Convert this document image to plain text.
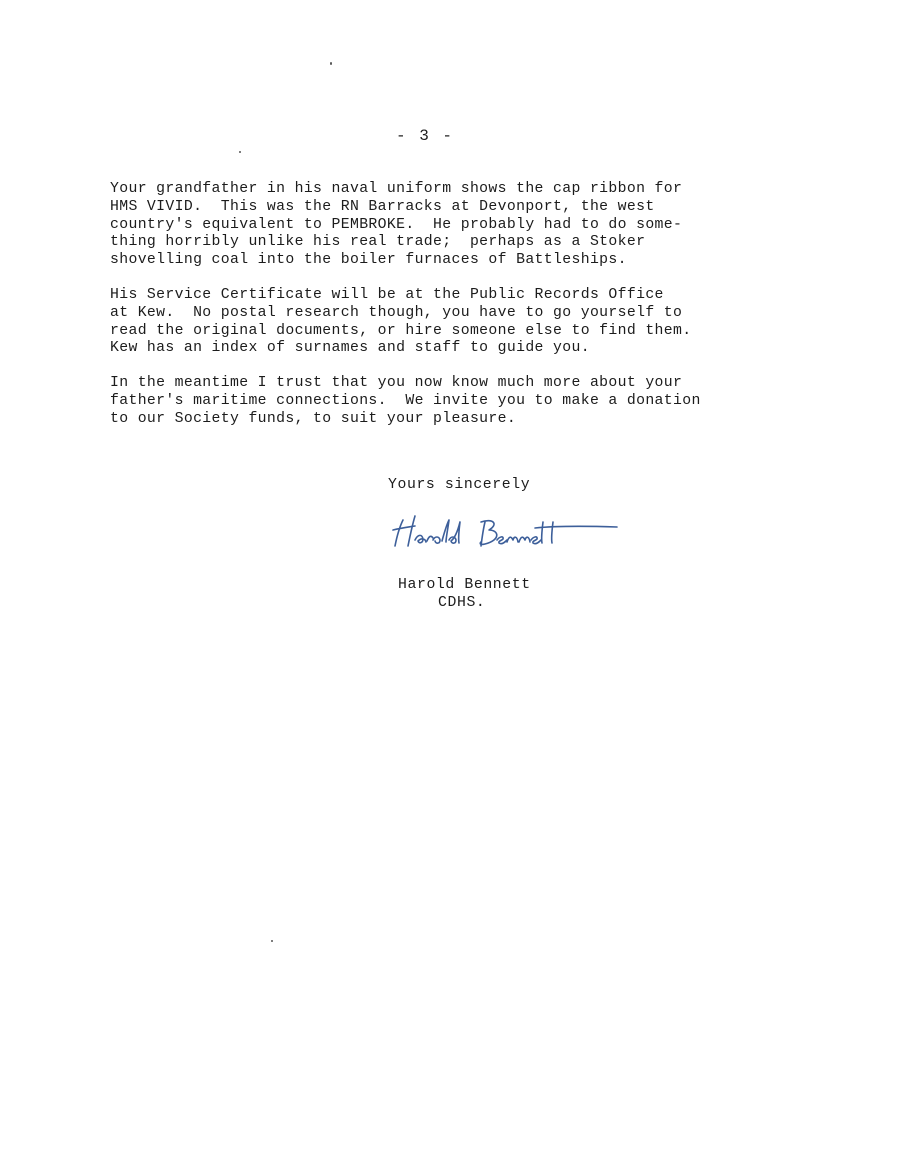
- 3 -
Your grandfather in his naval uniform shows the cap ribbon for
HMS VIVID.  This was the RN Barracks at Devonport, the west
country's equivalent to PEMBROKE.  He probably had to do some-
thing horribly unlike his real trade;  perhaps as a Stoker
shovelling coal into the boiler furnaces of Battleships.
His Service Certificate will be at the Public Records Office
at Kew.  No postal research though, you have to go yourself to
read the original documents, or hire someone else to find them.
Kew has an index of surnames and staff to guide you.
In the meantime I trust that you now know much more about your
father's maritime connections.  We invite you to make a donation
to our Society funds, to suit your pleasure.
Yours sincerely
Harold Bennett
CDHS.
